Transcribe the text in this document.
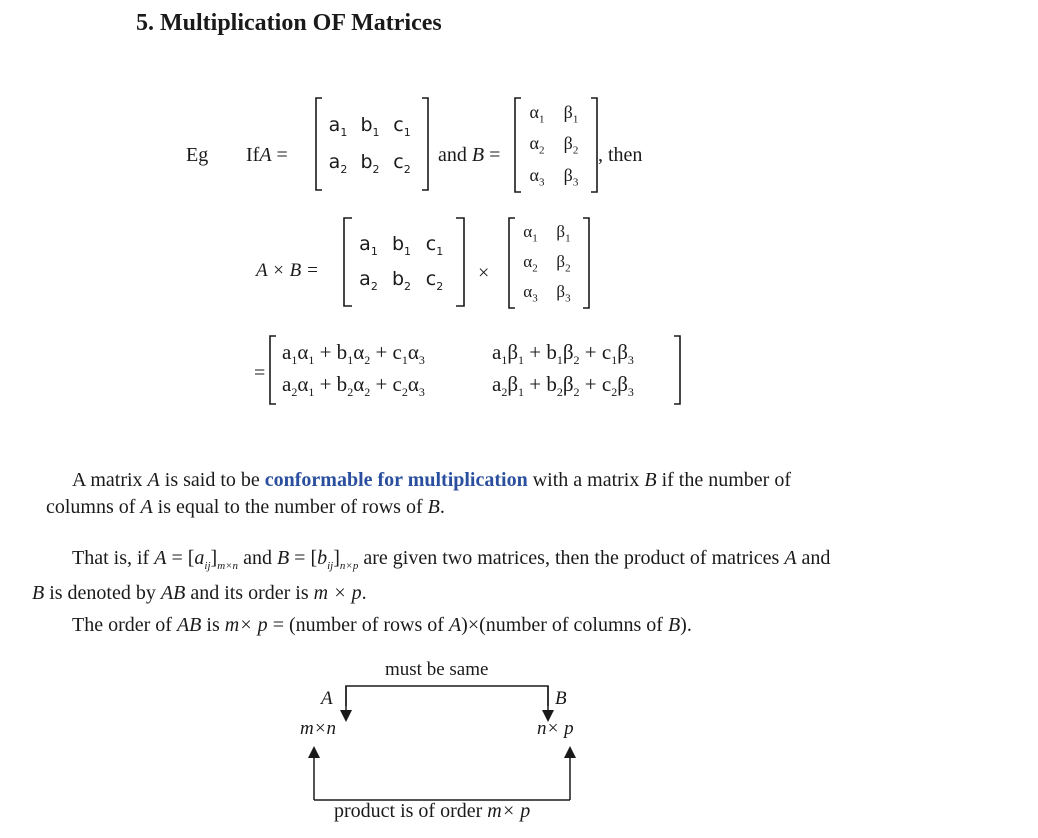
5. Multiplication OF Matrices
Eg IfA =
$a_1$ $b_1$ $c_1$
$a_2$ $b_2$ $c_2$
and B =
$\alpha_1$	$\beta_1$
$\alpha_2$	$\beta_2$
$\alpha_3$	$\beta_3$
, then
A × B =
$a_1$ $b_1$ $c_1$
$a_2$ $b_2$ $c_2$
×
$\alpha_1$	$\beta_1$
$\alpha_2$	$\beta_2$
$\alpha_3$	$\beta_3$
=
$a_1\alpha_1 + b_1\alpha_2 + c_1\alpha_3$	$a_1\beta_1 + b_1\beta_2 + c_1\beta_3$
$a_2\alpha_1 + b_2\alpha_2 + c_2\alpha_3$	$a_2\beta_1 + b_2\beta_2 + c_2\beta_3$
A matrix A is said to be conformable for multiplication with a matrix B if the number of
columns of A is equal to the number of rows of B.
That is, if $A = [a_{ij}]_{m\times n}$ and $B = [b_{ij}]_{n\times p}$ are given two matrices, then the product of matrices A and
B is denoted by AB and its order is m × p.
The order of AB is m× p = (number of rows of A)×(number of columns of B).
must be same
A	B
m×n	n× p
product is of order m× p
